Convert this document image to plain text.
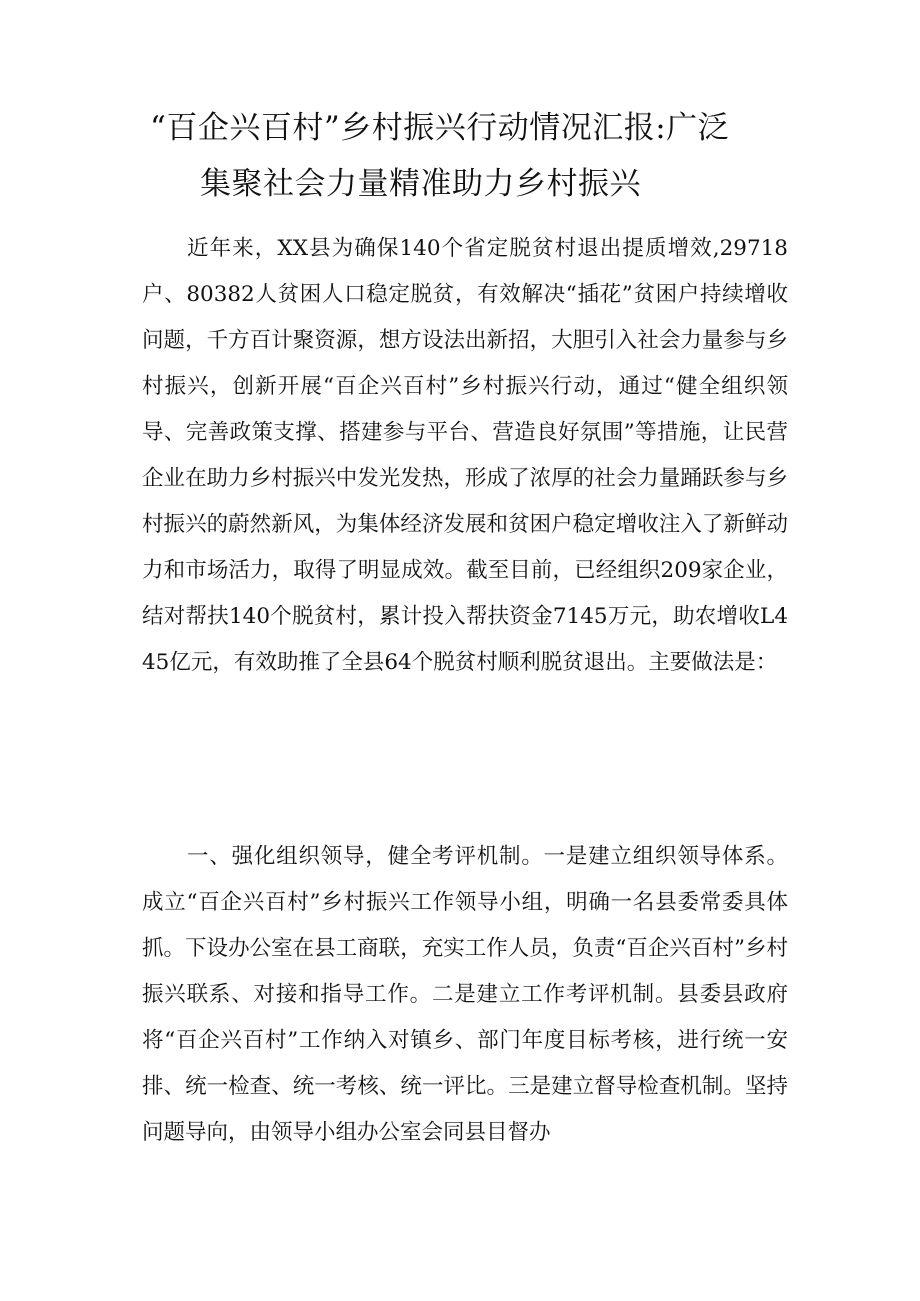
“百企兴百村”乡村振兴行动情况汇报:广泛
集聚社会力量精准助力乡村振兴

近年来，XX县为确保140个省定脱贫村退出提质增效,29718户、80382人贫困人口稳定脱贫，有效解决“插花”贫困户持续增收问题，千方百计聚资源，想方设法出新招，大胆引入社会力量参与乡村振兴，创新开展“百企兴百村”乡村振兴行动，通过“健全组织领导、完善政策支撑、搭建参与平台、营造良好氛围”等措施，让民营企业在助力乡村振兴中发光发热，形成了浓厚的社会力量踊跃参与乡村振兴的蔚然新风，为集体经济发展和贫困户稳定增收注入了新鲜动力和市场活力，取得了明显成效。截至目前，已经组织209家企业，结对帮扶140个脱贫村，累计投入帮扶资金7145万元，助农增收L445亿元，有效助推了全县64个脱贫村顺利脱贫退出。主要做法是：

一、强化组织领导，健全考评机制。一是建立组织领导体系。成立“百企兴百村”乡村振兴工作领导小组，明确一名县委常委具体抓。下设办公室在县工商联，充实工作人员，负责“百企兴百村”乡村振兴联系、对接和指导工作。二是建立工作考评机制。县委县政府将“百企兴百村”工作纳入对镇乡、部门年度目标考核，进行统一安排、统一检查、统一考核、统一评比。三是建立督导检查机制。坚持问题导向，由领导小组办公室会同县目督办
